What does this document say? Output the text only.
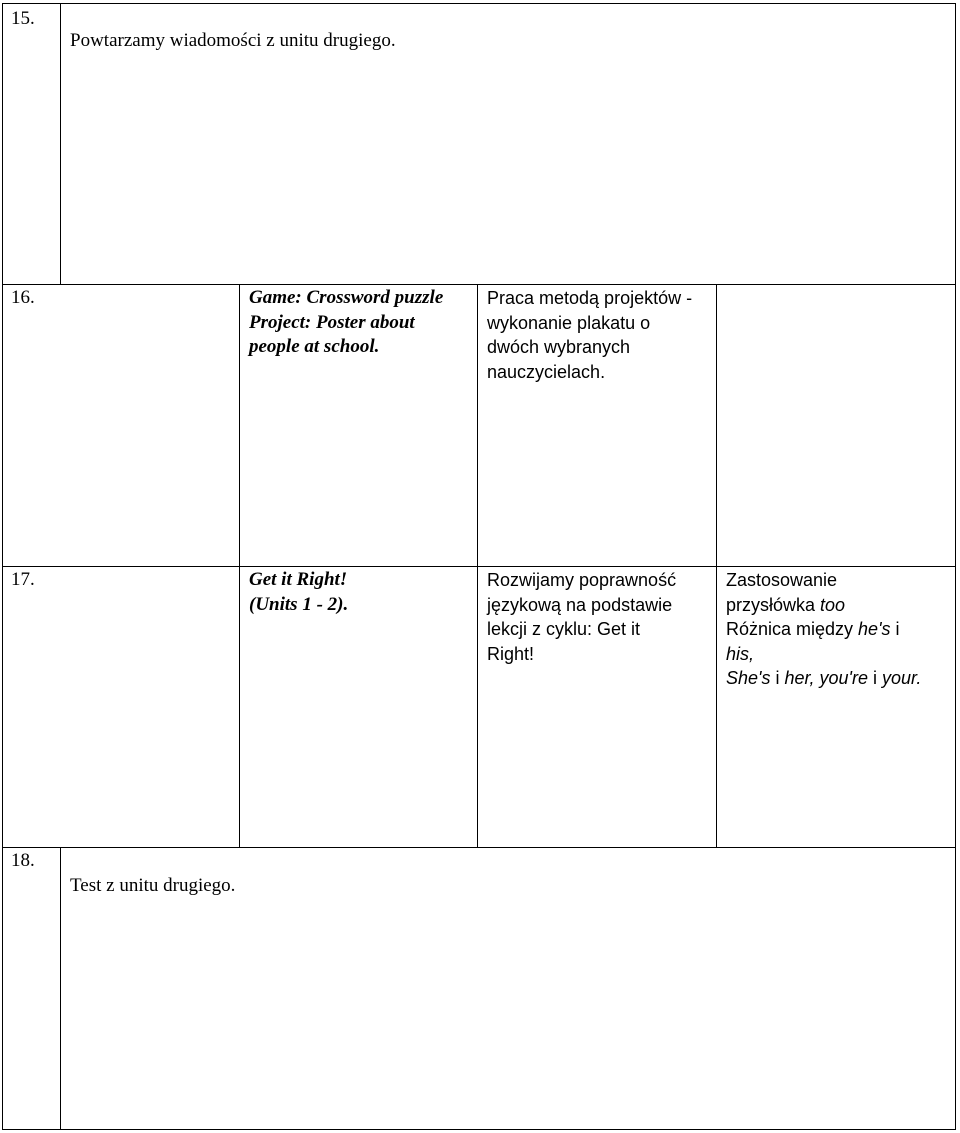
15.
Powtarzamy wiadomości z unitu drugiego.
16.	Game: Crossword puzzle
Project: Poster about
people at school.
Praca metodą projektów -
wykonanie plakatu o
dwóch wybranych
nauczycielach.
17.	Get it Right!
(Units 1 - 2).
Rozwijamy poprawność
językową na podstawie
lekcji z cyklu: Get it
Right!
Zastosowanie
przysłówka too
Różnica między he's i
his,
She's i her, you're i your.
18.
Test z unitu drugiego.
